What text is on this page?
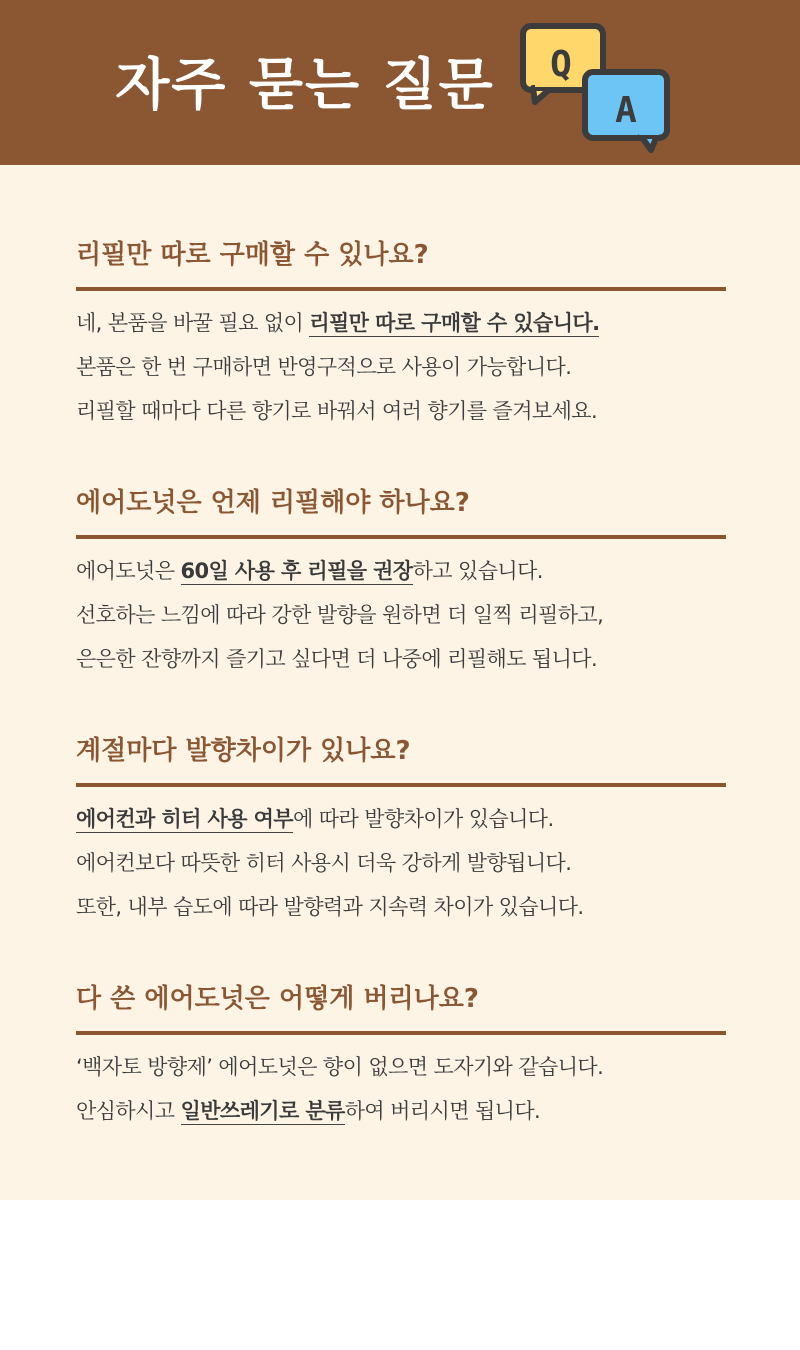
자주 묻는 질문	Q
A
리필만 따로 구매할 수 있나요?

네, 본품을 바꿀 필요 없이 리필만 따로 구매할 수 있습니다.

본품은 한 번 구매하면 반영구적으로 사용이 가능합니다.

리필할 때마다 다른 향기로 바꿔서 여러 향기를 즐겨보세요.

에어도넛은 언제 리필해야 하나요?

에어도넛은 60일 사용 후 리필을 권장하고 있습니다.

선호하는 느낌에 따라 강한 발향을 원하면 더 일찍 리필하고,

은은한 잔향까지 즐기고 싶다면 더 나중에 리필해도 됩니다.

계절마다 발향차이가 있나요?

에어컨과 히터 사용 여부에 따라 발향차이가 있습니다.

에어컨보다 따뜻한 히터 사용시 더욱 강하게 발향됩니다.

또한, 내부 습도에 따라 발향력과 지속력 차이가 있습니다.

다 쓴 에어도넛은 어떻게 버리나요?

‘백자토 방향제’ 에어도넛은 향이 없으면 도자기와 같습니다.

안심하시고 일반쓰레기로 분류하여 버리시면 됩니다.
